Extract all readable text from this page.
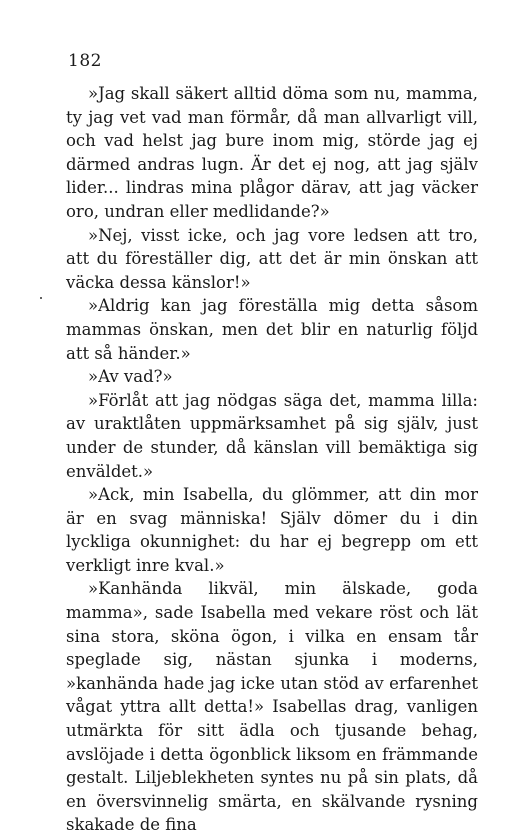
182

»Jag skall säkert alltid döma som nu, mamma, ty jag vet vad man förmår, då man allvarligt vill, och vad helst jag bure inom mig, störde jag ej därmed andras lugn. Är det ej nog, att jag själv lider... lindras mina plågor därav, att jag väcker oro, undran eller medlidande?»

»Nej, visst icke, och jag vore ledsen att tro, att du föreställer dig, att det är min önskan att väcka dessa känslor!»

»Aldrig kan jag föreställa mig detta såsom mammas önskan, men det blir en naturlig följd att så händer.»

»Av vad?»

»Förlåt att jag nödgas säga det, mamma lilla: av uraktlåten uppmärksamhet på sig själv, just under de stunder, då känslan vill bemäktiga sig enväldet.»

»Ack, min Isabella, du glömmer, att din mor är en svag människa! Själv dömer du i din lyckliga okunnighet: du har ej begrepp om ett verkligt inre kval.»

»Kanhända likväl, min älskade, goda mamma», sade Isabella med vekare röst och lät sina stora, sköna ögon, i vilka en ensam tår speglade sig, nästan sjunka i moderns, »kanhända hade jag icke utan stöd av erfarenhet vågat yttra allt detta!» Isabellas drag, vanligen utmärkta för sitt ädla och tjusande behag, avslöjade i detta ögonblick liksom en främmande gestalt. Liljeblekheten syntes nu på sin plats, då en översvinnelig smärta, en skälvande rysning skakade de fina
